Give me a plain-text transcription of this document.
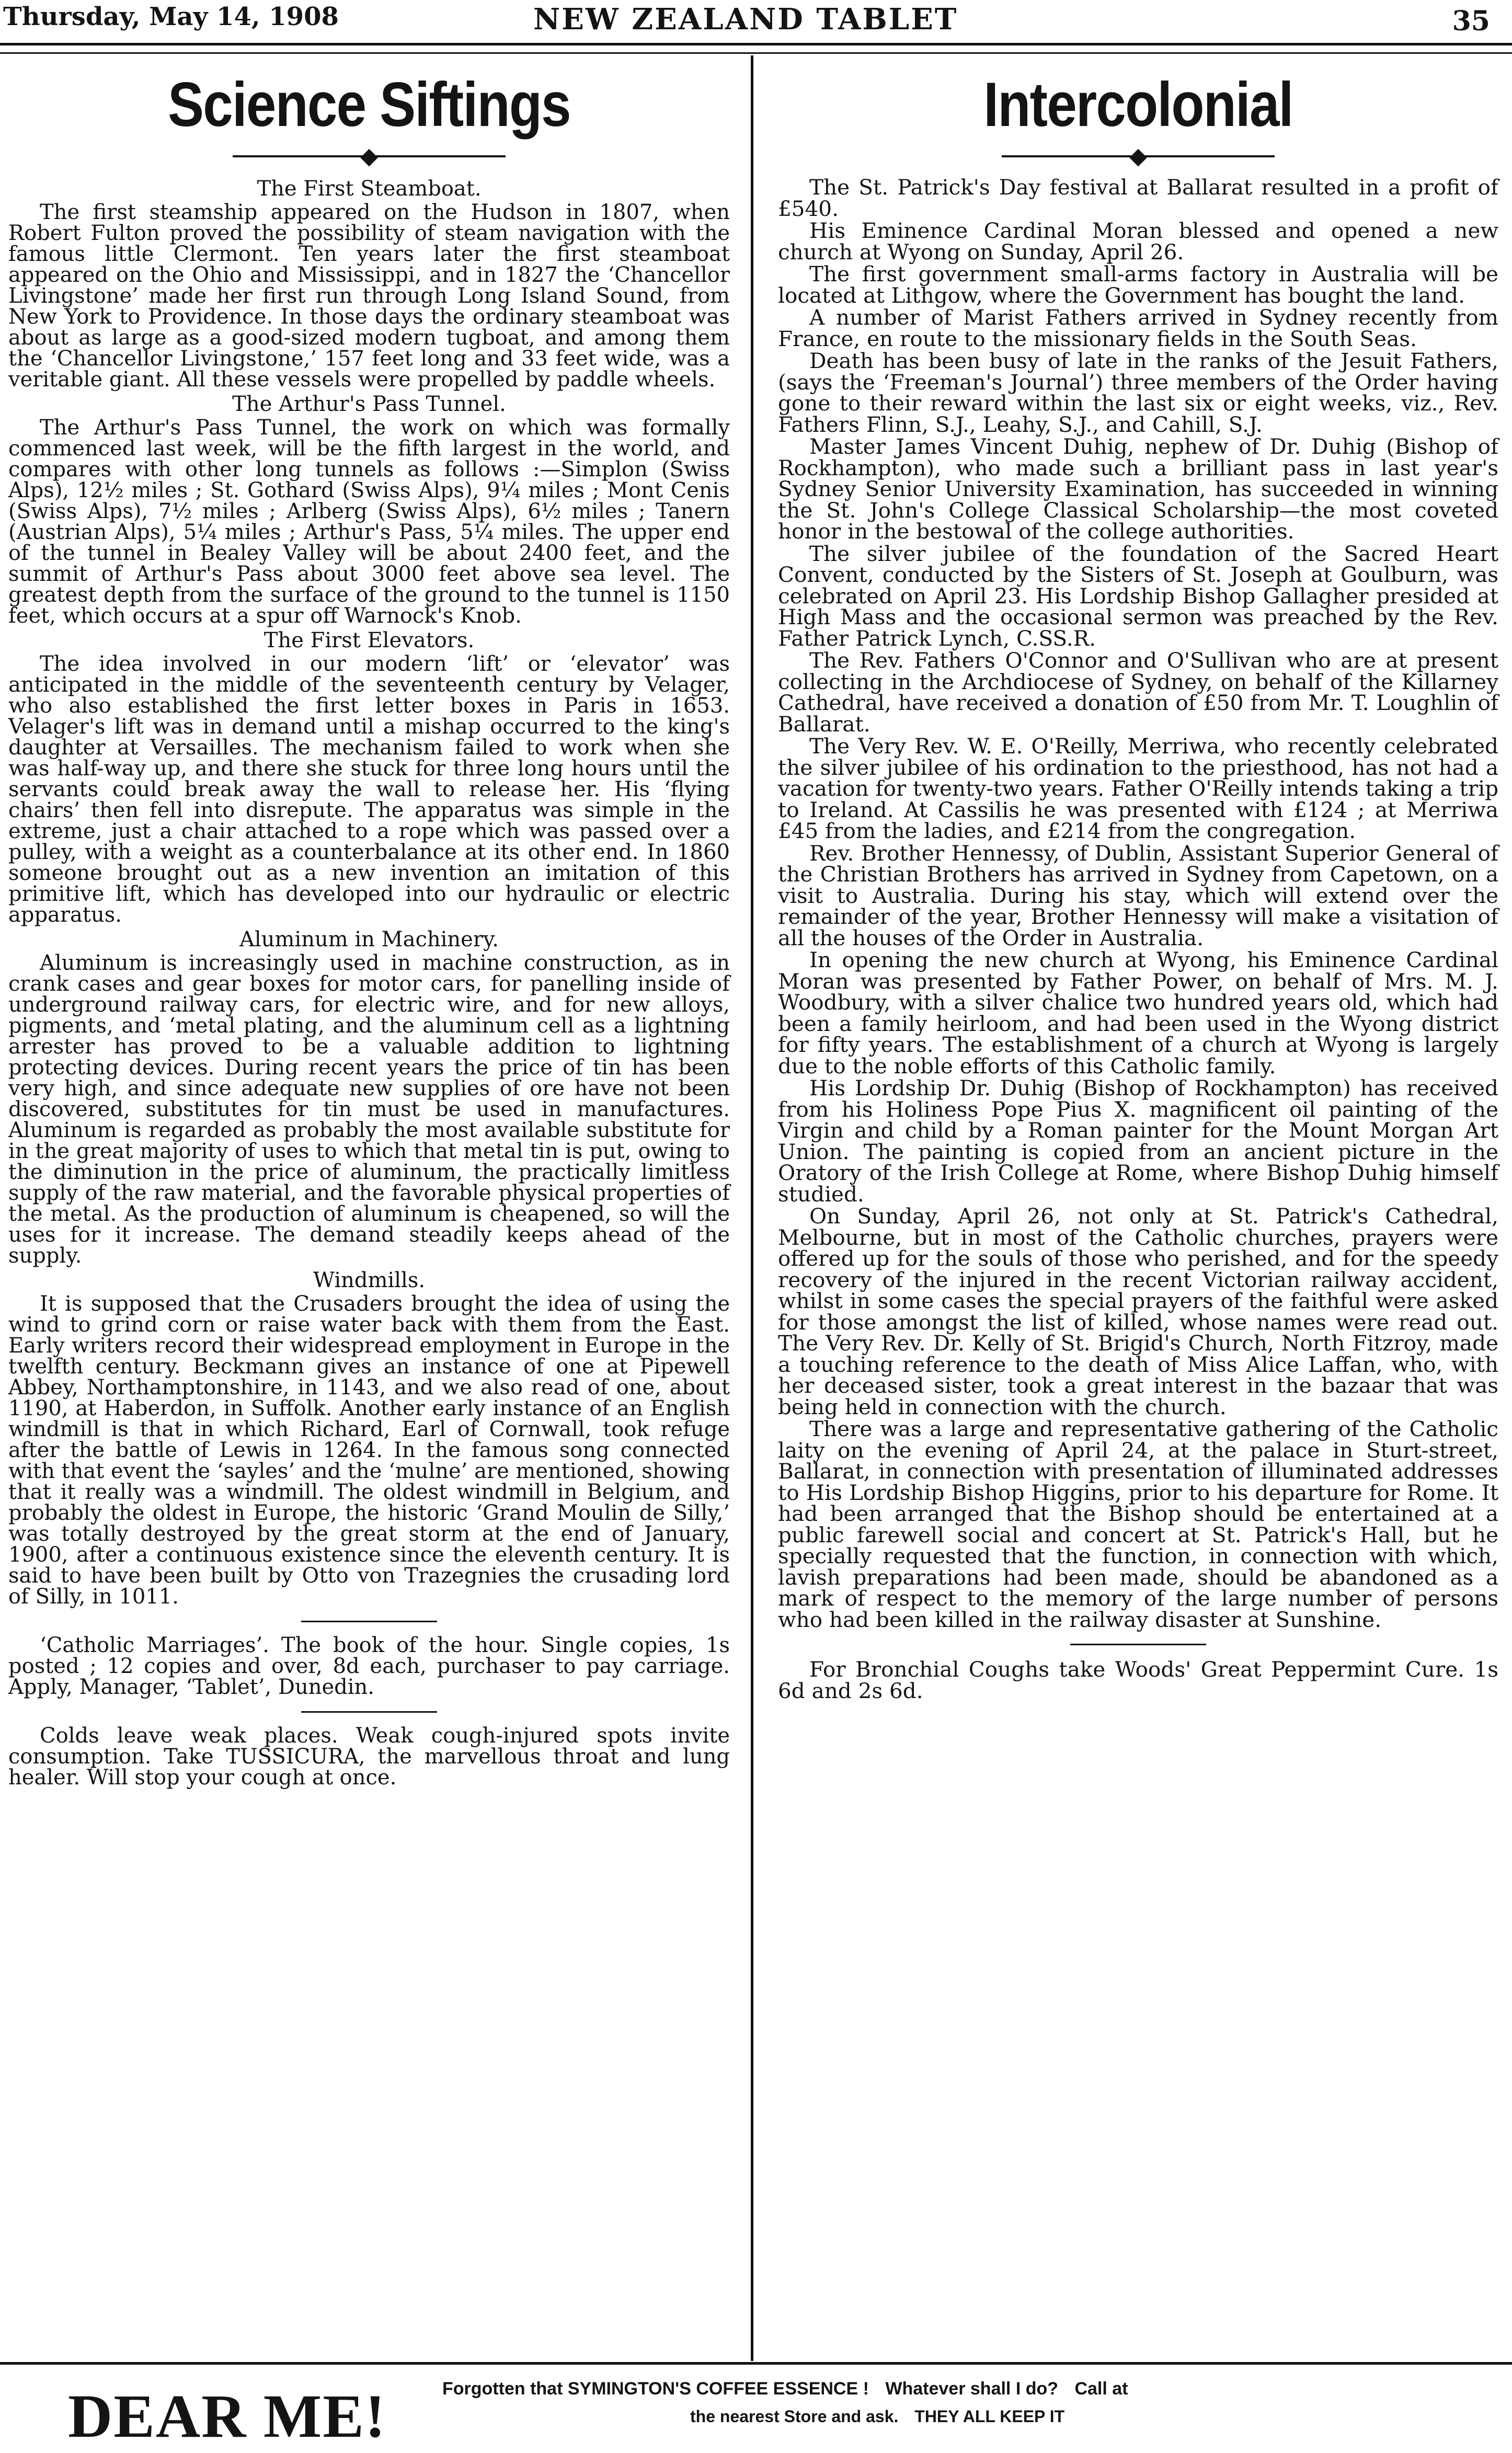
Thursday, May 14, 1908	NEW ZEALAND TABLET	35
Science Siftings
◆
The First Steamboat.

The first steamship appeared on the Hudson in 1807, when Robert Fulton proved the possibility of steam navigation with the famous little Clermont. Ten years later the first steamboat appeared on the Ohio and Mississippi, and in 1827 the ‘Chancellor Livingstone’ made her first run through Long Island Sound, from New York to Providence. In those days the ordinary steamboat was about as large as a good-sized modern tugboat, and among them the ‘Chancellor Livingstone,’ 157 feet long and 33 feet wide, was a veritable giant. All these vessels were propelled by paddle wheels.

The Arthur's Pass Tunnel.

The Arthur's Pass Tunnel, the work on which was formally commenced last week, will be the fifth largest in the world, and compares with other long tunnels as follows :—Simplon (Swiss Alps), 12½ miles ; St. Gothard (Swiss Alps), 9¼ miles ; Mont Cenis (Swiss Alps), 7½ miles ; Arlberg (Swiss Alps), 6½ miles ; Tanern (Austrian Alps), 5¼ miles ; Arthur's Pass, 5¼ miles. The upper end of the tunnel in Bealey Valley will be about 2400 feet, and the summit of Arthur's Pass about 3000 feet above sea level. The greatest depth from the surface of the ground to the tunnel is 1150 feet, which occurs at a spur off Warnock's Knob.

The First Elevators.

The idea involved in our modern ‘lift’ or ‘elevator’ was anticipated in the middle of the seventeenth century by Velager, who also established the first letter boxes in Paris in 1653. Velager's lift was in demand until a mishap occurred to the king's daughter at Versailles. The mechanism failed to work when she was half-way up, and there she stuck for three long hours until the servants could break away the wall to release her. His ‘flying chairs’ then fell into disrepute. The apparatus was simple in the extreme, just a chair attached to a rope which was passed over a pulley, with a weight as a counterbalance at its other end. In 1860 someone brought out as a new invention an imitation of this primitive lift, which has developed into our hydraulic or electric apparatus.

Aluminum in Machinery.

Aluminum is increasingly used in machine construction, as in crank cases and gear boxes for motor cars, for panelling inside of underground railway cars, for electric wire, and for new alloys, pigments, and ‘metal plating, and the aluminum cell as a lightning arrester has proved to be a valuable addition to lightning protecting devices. During recent years the price of tin has been very high, and since adequate new supplies of ore have not been discovered, substitutes for tin must be used in manufactures. Aluminum is regarded as probably the most available substitute for in the great majority of uses to which that metal tin is put, owing to the diminution in the price of aluminum, the practically limitless supply of the raw material, and the favorable physical properties of the metal. As the production of aluminum is cheapened, so will the uses for it increase. The demand steadily keeps ahead of the supply.

Windmills.

It is supposed that the Crusaders brought the idea of using the wind to grind corn or raise water back with them from the East. Early writers record their widespread employment in Europe in the twelfth century. Beckmann gives an instance of one at Pipewell Abbey, Northamptonshire, in 1143, and we also read of one, about 1190, at Haberdon, in Suffolk. Another early instance of an English windmill is that in which Richard, Earl of Cornwall, took refuge after the battle of Lewis in 1264. In the famous song connected with that event the ‘sayles’ and the ‘mulne’ are mentioned, showing that it really was a windmill. The oldest windmill in Belgium, and probably the oldest in Europe, the historic ‘Grand Moulin de Silly,’ was totally destroyed by the great storm at the end of January, 1900, after a continuous existence since the eleventh century. It is said to have been built by Otto von Trazegnies the crusading lord of Silly, in 1011.

‘Catholic Marriages’. The book of the hour. Single copies, 1s posted ; 12 copies and over, 8d each, purchaser to pay carriage. Apply, Manager, ‘Tablet’, Dunedin.

Colds leave weak places. Weak cough-injured spots invite consumption. Take TUSSICURA, the marvellous throat and lung healer. Will stop your cough at once.

Intercolonial
◆

The St. Patrick's Day festival at Ballarat resulted in a profit of £540.

His Eminence Cardinal Moran blessed and opened a new church at Wyong on Sunday, April 26.

The first government small-arms factory in Australia will be located at Lithgow, where the Government has bought the land.

A number of Marist Fathers arrived in Sydney recently from France, en route to the missionary fields in the South Seas.

Death has been busy of late in the ranks of the Jesuit Fathers, (says the ‘Freeman's Journal’) three members of the Order having gone to their reward within the last six or eight weeks, viz., Rev. Fathers Flinn, S.J., Leahy, S.J., and Cahill, S.J.

Master James Vincent Duhig, nephew of Dr. Duhig (Bishop of Rockhampton), who made such a brilliant pass in last year's Sydney Senior University Examination, has succeeded in winning the St. John's College Classical Scholarship—the most coveted honor in the bestowal of the college authorities.

The silver jubilee of the foundation of the Sacred Heart Convent, conducted by the Sisters of St. Joseph at Goulburn, was celebrated on April 23. His Lordship Bishop Gallagher presided at High Mass and the occasional sermon was preached by the Rev. Father Patrick Lynch, C.SS.R.

The Rev. Fathers O'Connor and O'Sullivan who are at present collecting in the Archdiocese of Sydney, on behalf of the Killarney Cathedral, have received a donation of £50 from Mr. T. Loughlin of Ballarat.

The Very Rev. W. E. O'Reilly, Merriwa, who recently celebrated the silver jubilee of his ordination to the priesthood, has not had a vacation for twenty-two years. Father O'Reilly intends taking a trip to Ireland. At Cassilis he was presented with £124 ; at Merriwa £45 from the ladies, and £214 from the congregation.

Rev. Brother Hennessy, of Dublin, Assistant Superior General of the Christian Brothers has arrived in Sydney from Capetown, on a visit to Australia. During his stay, which will extend over the remainder of the year, Brother Hennessy will make a visitation of all the houses of the Order in Australia.

In opening the new church at Wyong, his Eminence Cardinal Moran was presented by Father Power, on behalf of Mrs. M. J. Woodbury, with a silver chalice two hundred years old, which had been a family heirloom, and had been used in the Wyong district for fifty years. The establishment of a church at Wyong is largely due to the noble efforts of this Catholic family.

His Lordship Dr. Duhig (Bishop of Rockhampton) has received from his Holiness Pope Pius X. magnificent oil painting of the Virgin and child by a Roman painter for the Mount Morgan Art Union. The painting is copied from an ancient picture in the Oratory of the Irish College at Rome, where Bishop Duhig himself studied.

On Sunday, April 26, not only at St. Patrick's Cathedral, Melbourne, but in most of the Catholic churches, prayers were offered up for the souls of those who perished, and for the speedy recovery of the injured in the recent Victorian railway accident, whilst in some cases the special prayers of the faithful were asked for those amongst the list of killed, whose names were read out. The Very Rev. Dr. Kelly of St. Brigid's Church, North Fitzroy, made a touching reference to the death of Miss Alice Laffan, who, with her deceased sister, took a great interest in the bazaar that was being held in connection with the church.

There was a large and representative gathering of the Catholic laity on the evening of April 24, at the palace in Sturt-street, Ballarat, in connection with presentation of illuminated addresses to His Lordship Bishop Higgins, prior to his departure for Rome. It had been arranged that the Bishop should be entertained at a public farewell social and concert at St. Patrick's Hall, but he specially requested that the function, in connection with which, lavish preparations had been made, should be abandoned as a mark of respect to the memory of the large number of persons who had been killed in the railway disaster at Sunshine.

For Bronchial Coughs take Woods' Great Peppermint Cure. 1s 6d and 2s 6d.

DEAR ME!	Forgotten that SYMINGTON'S COFFEE ESSENCE ! Whatever shall I do? Call at
the nearest Store and ask. THEY ALL KEEP IT
